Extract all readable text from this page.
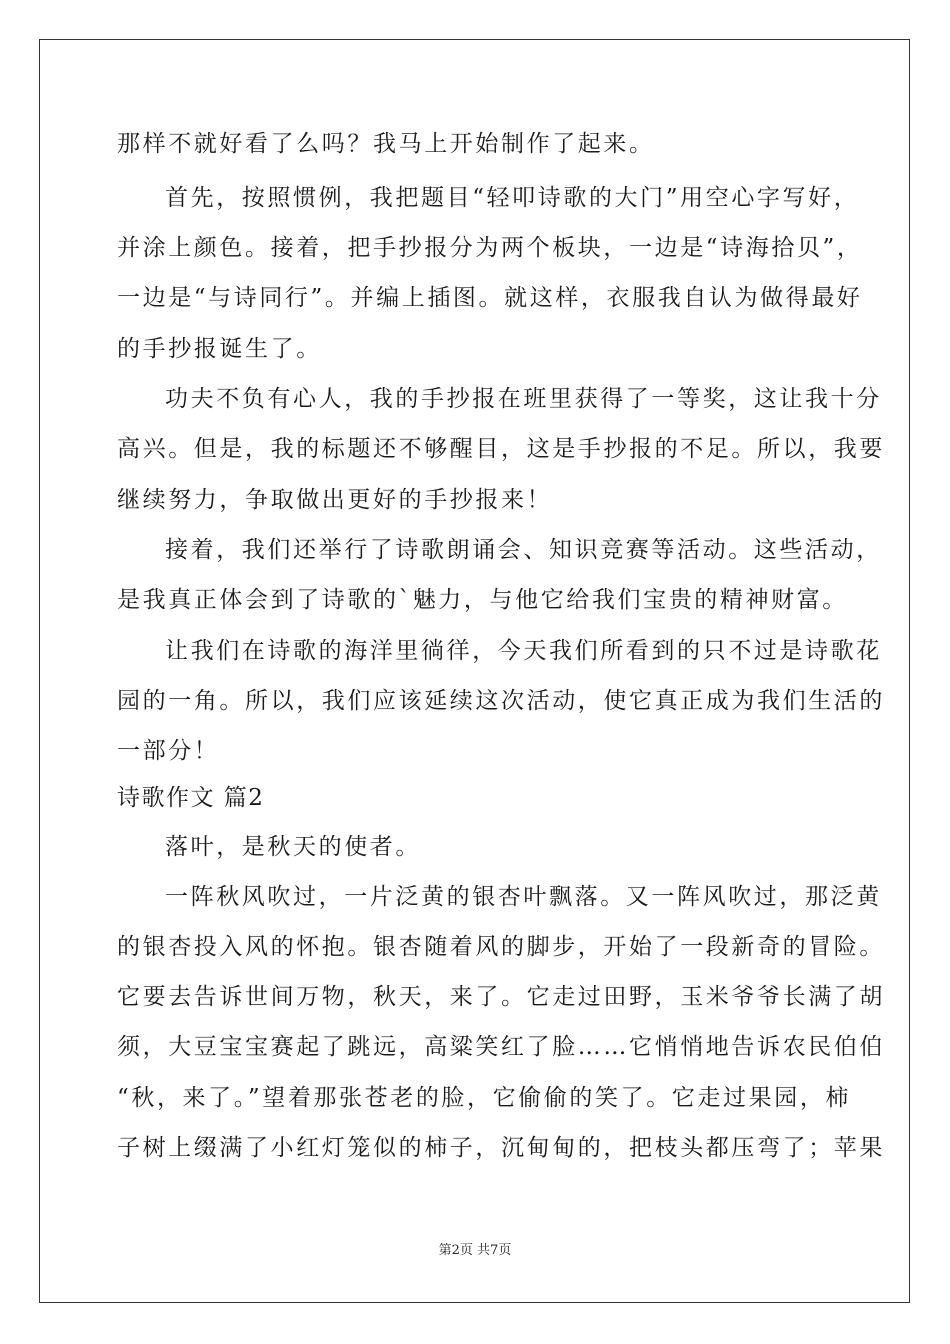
那样不就好看了么吗？我马上开始制作了起来。
首先，按照惯例，我把题目“轻叩诗歌的大门”用空心字写好，
并涂上颜色。接着，把手抄报分为两个板块，一边是“诗海拾贝”，
一边是“与诗同行”。并编上插图。就这样，衣服我自认为做得最好
的手抄报诞生了。
功夫不负有心人，我的手抄报在班里获得了一等奖，这让我十分
高兴。但是，我的标题还不够醒目，这是手抄报的不足。所以，我要
继续努力，争取做出更好的手抄报来！
接着，我们还举行了诗歌朗诵会、知识竞赛等活动。这些活动，
是我真正体会到了诗歌的`魅力，与他它给我们宝贵的精神财富。
让我们在诗歌的海洋里徜徉，今天我们所看到的只不过是诗歌花
园的一角。所以，我们应该延续这次活动，使它真正成为我们生活的
一部分！
诗歌作文 篇2
落叶，是秋天的使者。
一阵秋风吹过，一片泛黄的银杏叶飘落。又一阵风吹过，那泛黄
的银杏投入风的怀抱。银杏随着风的脚步，开始了一段新奇的冒险。
它要去告诉世间万物，秋天，来了。它走过田野，玉米爷爷长满了胡
须，大豆宝宝赛起了跳远，高粱笑红了脸……它悄悄地告诉农民伯伯
“秋，来了。”望着那张苍老的脸，它偷偷的笑了。它走过果园，柿
子树上缀满了小红灯笼似的柿子，沉甸甸的，把枝头都压弯了；苹果
第2页 共7页
